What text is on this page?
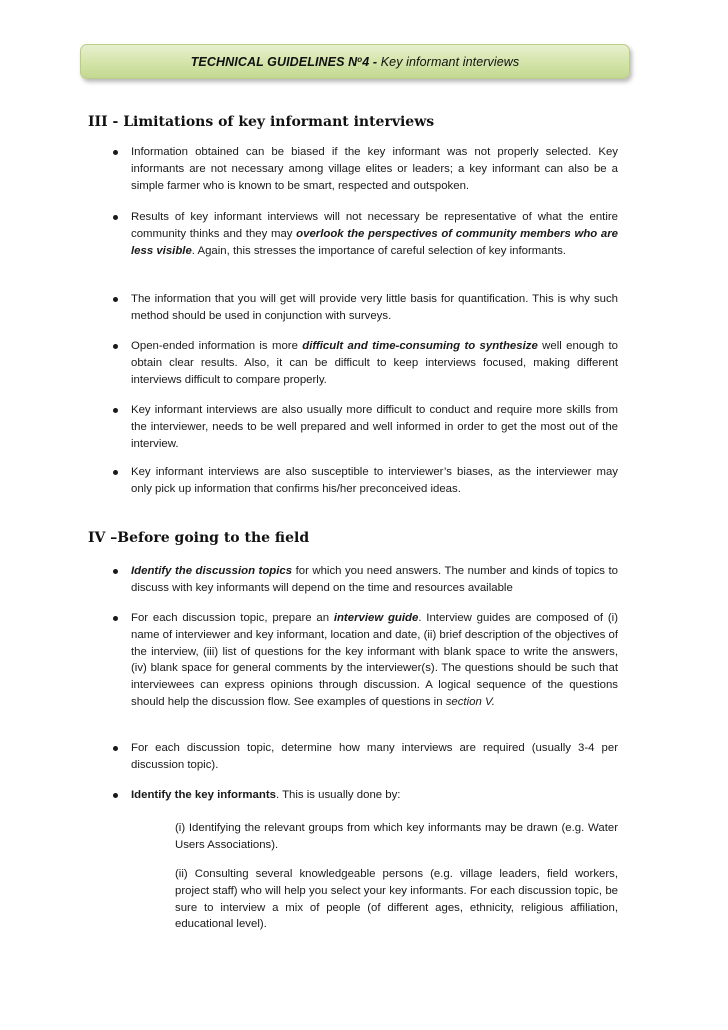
TECHNICAL GUIDELINES $N^o4$ - Key informant interviews
III - Limitations of key informant interviews

Information obtained can be biased if the key informant was not properly selected. Key informants are not necessary among village elites or leaders; a key informant can also be a simple farmer who is known to be smart, respected and outspoken.

Results of key informant interviews will not necessary be representative of what the entire community thinks and they may overlook the perspectives of community members who are less visible. Again, this stresses the importance of careful selection of key informants.

The information that you will get will provide very little basis for quantification. This is why such method should be used in conjunction with surveys.

Open-ended information is more difficult and time-consuming to synthesize well enough to obtain clear results. Also, it can be difficult to keep interviews focused, making different interviews difficult to compare properly.

Key informant interviews are also usually more difficult to conduct and require more skills from the interviewer, needs to be well prepared and well informed in order to get the most out of the interview.

Key informant interviews are also susceptible to interviewer’s biases, as the interviewer may only pick up information that confirms his/her preconceived ideas.

IV –Before going to the field

Identify the discussion topics for which you need answers. The number and kinds of topics to discuss with key informants will depend on the time and resources available

For each discussion topic, prepare an interview guide. Interview guides are composed of (i) name of interviewer and key informant, location and date, (ii) brief description of the objectives of the interview, (iii) list of questions for the key informant with blank space to write the answers, (iv) blank space for general comments by the interviewer(s). The questions should be such that interviewees can express opinions through discussion. A logical sequence of the questions should help the discussion flow. See examples of questions in section V.

For each discussion topic, determine how many interviews are required (usually 3-4 per discussion topic).

Identify the key informants. This is usually done by:

(i) Identifying the relevant groups from which key informants may be drawn (e.g. Water Users Associations).

(ii) Consulting several knowledgeable persons (e.g. village leaders, field workers, project staff) who will help you select your key informants. For each discussion topic, be sure to interview a mix of people (of different ages, ethnicity, religious affiliation, educational level).
